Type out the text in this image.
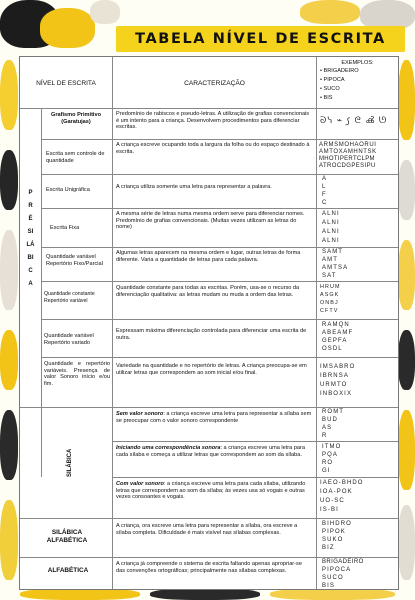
TABELA NÍVEL DE ESCRITA
NÍVEL DE ESCRITA	CARACTERIZAÇÃO
EXEMPLOS:
• BRIGADEIRO
• PIPOCA
• SUCO
• BIS
PRÉ SILÁBICA
SILÁBICA
Grafismo Primitivo (Garatujas)
Predomínio de rabiscos e pseudo-letras. A utilização de grafias convencionais é um intento para a criança. Desenvolvem procedimentos para diferenciar escritas.
ᘐᓭ ⌁ ꠹ ᘓ ൿ ᘎ
Escrita sem controle de quantidade
A criança escreve ocupando toda a largura da folha ou do espaço destinado à escrita.
ARMSMOHAORUI
AMTOXAMHNTSK
MHOTIPERTCLPM
ATROCDGPESIPU
Escrita Unigráfica	A criança utiliza somente uma letra para representar a palavra.
A
L
F
C
Escrita Fixa
A mesma série de letras numa mesma ordem serve para diferenciar nomes. Predomínio de grafias convencionais. (Muitas vezes utilizam as letras do nome)
ALNI
ALNI
ALNI
ALNI
Quantidade variável Repertório Fixo/Parcial
Algumas letras aparecem na mesma ordem e lugar, outras letras de forma diferente. Varia a quantidade de letras para cada palavra.
SAMT
AMT
AMTSA
SAT
Quantidade constante Repertório variável
Quantidade constante para todas as escritas. Porém, usa-se o recurso da diferenciação qualitativa: as letras mudam ou muda a ordem das letras.
HRUM
ASGK
ONBJ
CFTV
Quantidade variável Repertório variado
Expressam máxima diferenciação controlada para diferenciar uma escrita de outra.
RAMQN
ABEAMF
GEPFA
OSDL
Quantidade e repertório variáveis. Presença de valor Sonoro início e/ou fim.
Variedade na quantidade e no repertório de letras. A criança preocupa-se em utilizar letras que correspondem ao som inicial e/ou final.
IMSABRO
IBRNSA
URMTO
INBOXIX
Sem valor sonoro: a criança escreve uma letra para representar a sílaba sem se preocupar com o valor sonoro correspondente
ROMT
BUD
AS
R
Iniciando uma correspondência sonora: a criança escreve uma letra para cada sílaba e começa a utilizar letras que correspondem ao som da sílaba.
ITMO
PQA
RO
GI
Com valor sonoro: a criança escreve uma letra para cada sílaba, utilizando letras que correspondem ao som da sílaba; às vezes usa só vogais e outras vezes consoantes e vogais.
IAEO-BHDO
IOA-POK
UO-SC
IS-BI
SILÁBICA ALFABÉTICA
A criança, ora escreve uma letra para representar a sílaba, ora escreve a sílaba completa. Dificuldade é mais visível nas sílabas complexas.
BIHDRO
PIPOK
SUKO
BIZ
ALFABÉTICA
A criança já compreende o sistema de escrita faltando apenas apropriar-se das convenções ortográficas; principalmente nas sílabas complexas.
BRIGADEIRO
PIPOCA
SUCO
BIS
